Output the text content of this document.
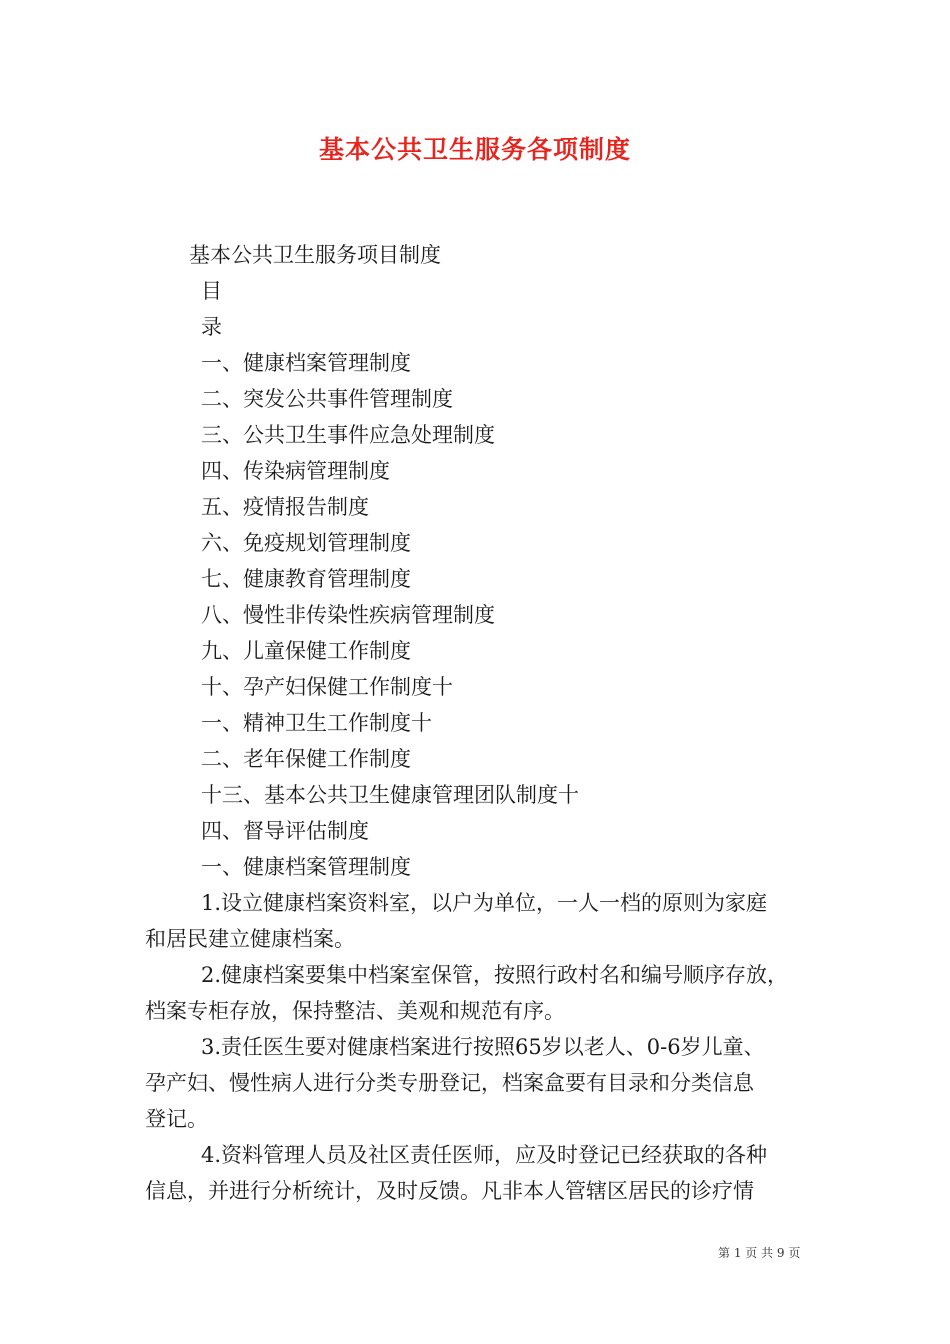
基本公共卫生服务各项制度
基本公共卫生服务项目制度
目
录
一、健康档案管理制度
二、突发公共事件管理制度
三、公共卫生事件应急处理制度
四、传染病管理制度
五、疫情报告制度
六、免疫规划管理制度
七、健康教育管理制度
八、慢性非传染性疾病管理制度
九、儿童保健工作制度
十、孕产妇保健工作制度十
一、精神卫生工作制度十
二、老年保健工作制度
十三、基本公共卫生健康管理团队制度十
四、督导评估制度
一、健康档案管理制度
1.设立健康档案资料室，以户为单位，一人一档的原则为家庭
和居民建立健康档案。
2.健康档案要集中档案室保管，按照行政村名和编号顺序存放，
档案专柜存放，保持整洁、美观和规范有序。
3.责任医生要对健康档案进行按照65岁以老人、0-6岁儿童、
孕产妇、慢性病人进行分类专册登记，档案盒要有目录和分类信息
登记。
4.资料管理人员及社区责任医师，应及时登记已经获取的各种
信息，并进行分析统计，及时反馈。凡非本人管辖区居民的诊疗情
第 1 页 共 9 页
